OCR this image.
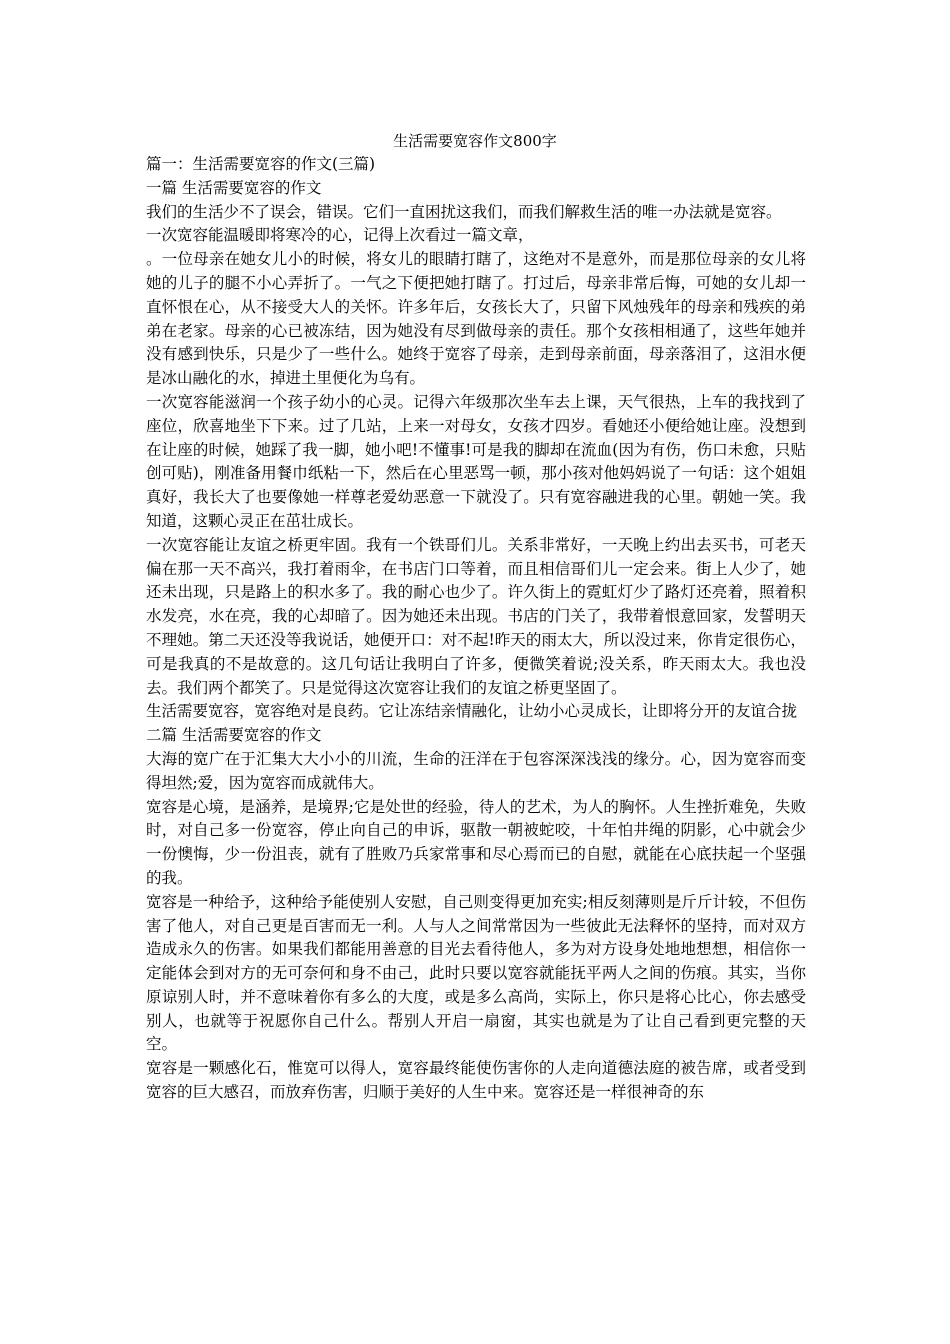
生活需要宽容作文800字

篇一：生活需要宽容的作文(三篇)

一篇 生活需要宽容的作文

我们的生活少不了误会，错误。它们一直困扰这我们，而我们解救生活的唯一办法就是宽容。

一次宽容能温暖即将寒冷的心，记得上次看过一篇文章，

。一位母亲在她女儿小的时候，将女儿的眼睛打瞎了，这绝对不是意外，而是那位母亲的女儿将她的儿子的腿不小心弄折了。一气之下便把她打瞎了。打过后，母亲非常后悔，可她的女儿却一直怀恨在心，从不接受大人的关怀。许多年后，女孩长大了，只留下风烛残年的母亲和残疾的弟弟在老家。母亲的心已被冻结，因为她没有尽到做母亲的责任。那个女孩相相通了，这些年她并没有感到快乐，只是少了一些什么。她终于宽容了母亲，走到母亲前面，母亲落泪了，这泪水便是冰山融化的水，掉进土里便化为乌有。

一次宽容能滋润一个孩子幼小的心灵。记得六年级那次坐车去上课，天气很热，上车的我找到了座位，欣喜地坐下下来。过了几站，上来一对母女，女孩才四岁。看她还小便给她让座。没想到在让座的时候，她踩了我一脚，她小吧!不懂事!可是我的脚却在流血(因为有伤，伤口未愈，只贴创可贴)，刚准备用餐巾纸粘一下，然后在心里恶骂一顿，那小孩对他妈妈说了一句话：这个姐姐真好，我长大了也要像她一样尊老爱幼恶意一下就没了。只有宽容融进我的心里。朝她一笑。我知道，这颗心灵正在茁壮成长。

一次宽容能让友谊之桥更牢固。我有一个铁哥们儿。关系非常好，一天晚上约出去买书，可老天偏在那一天不高兴，我打着雨伞，在书店门口等着，而且相信哥们儿一定会来。街上人少了，她还未出现，只是路上的积水多了。我的耐心也少了。许久街上的霓虹灯少了路灯还亮着，照着积水发亮，水在亮，我的心却暗了。因为她还未出现。书店的门关了，我带着恨意回家，发誓明天不理她。第二天还没等我说话，她便开口：对不起!昨天的雨太大，所以没过来，你肯定很伤心，可是我真的不是故意的。这几句话让我明白了许多，便微笑着说;没关系，昨天雨太大。我也没去。我们两个都笑了。只是觉得这次宽容让我们的友谊之桥更坚固了。

生活需要宽容，宽容绝对是良药。它让冻结亲情融化，让幼小心灵成长，让即将分开的友谊合拢

二篇 生活需要宽容的作文

大海的宽广在于汇集大大小小的川流，生命的汪洋在于包容深深浅浅的缘分。心，因为宽容而变得坦然;爱，因为宽容而成就伟大。

宽容是心境，是涵养，是境界;它是处世的经验，待人的艺术，为人的胸怀。人生挫折难免，失败时，对自己多一份宽容，停止向自己的申诉，驱散一朝被蛇咬，十年怕井绳的阴影，心中就会少一份懊悔，少一份沮丧，就有了胜败乃兵家常事和尽心焉而已的自慰，就能在心底扶起一个坚强的我。

宽容是一种给予，这种给予能使别人安慰，自己则变得更加充实;相反刻薄则是斤斤计较，不但伤害了他人，对自己更是百害而无一利。人与人之间常常因为一些彼此无法释怀的坚持，而对双方造成永久的伤害。如果我们都能用善意的目光去看待他人，多为对方设身处地地想想，相信你一定能体会到对方的无可奈何和身不由己，此时只要以宽容就能抚平两人之间的伤痕。其实，当你原谅别人时，并不意味着你有多么的大度，或是多么高尚，实际上，你只是将心比心，你去感受别人，也就等于祝愿你自己什么。帮别人开启一扇窗，其实也就是为了让自己看到更完整的天空。

宽容是一颗感化石，惟宽可以得人，宽容最终能使伤害你的人走向道德法庭的被告席，或者受到宽容的巨大感召，而放弃伤害，归顺于美好的人生中来。宽容还是一样很神奇的东
